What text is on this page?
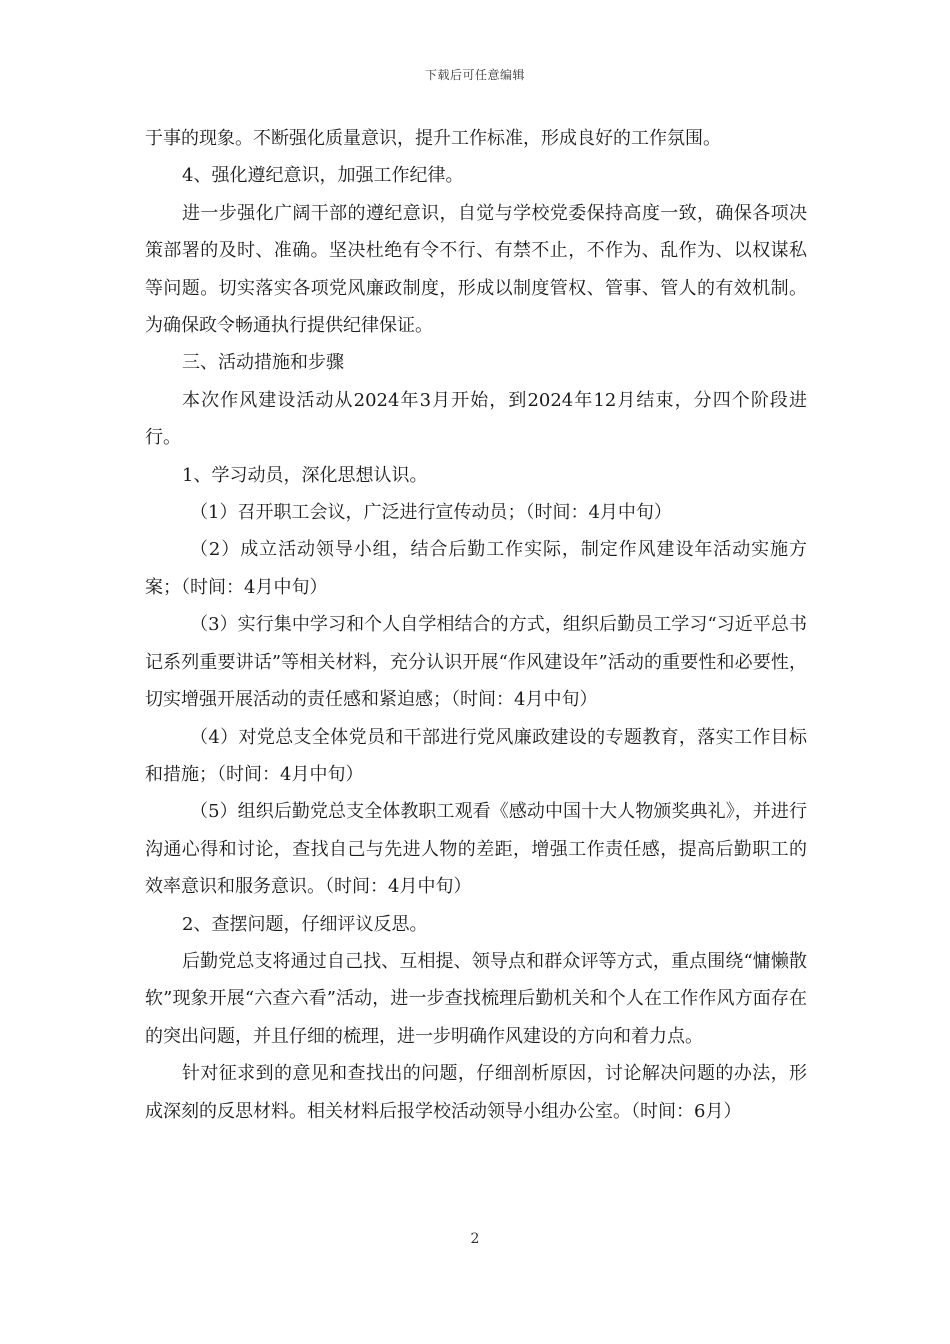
下载后可任意编辑

于事的现象。不断强化质量意识，提升工作标准，形成良好的工作氛围。

4、强化遵纪意识，加强工作纪律。

进一步强化广阔干部的遵纪意识，自觉与学校党委保持高度一致，确保各项决策部署的及时、准确。坚决杜绝有令不行、有禁不止，不作为、乱作为、以权谋私等问题。切实落实各项党风廉政制度，形成以制度管权、管事、管人的有效机制。为确保政令畅通执行提供纪律保证。

三、活动措施和步骤

本次作风建设活动从2024年3月开始，到2024年12月结束，分四个阶段进行。

1、学习动员，深化思想认识。

（1）召开职工会议，广泛进行宣传动员；（时间：4月中旬）

（2）成立活动领导小组，结合后勤工作实际，制定作风建设年活动实施方案；（时间：4月中旬）

（3）实行集中学习和个人自学相结合的方式，组织后勤员工学习“习近平总书记系列重要讲话”等相关材料，充分认识开展“作风建设年”活动的重要性和必要性，切实增强开展活动的责任感和紧迫感；（时间：4月中旬）

（4）对党总支全体党员和干部进行党风廉政建设的专题教育，落实工作目标和措施；（时间：4月中旬）

（5）组织后勤党总支全体教职工观看《感动中国十大人物颁奖典礼》，并进行沟通心得和讨论，查找自己与先进人物的差距，增强工作责任感，提高后勤职工的效率意识和服务意识。（时间：4月中旬）

2、查摆问题，仔细评议反思。

后勤党总支将通过自己找、互相提、领导点和群众评等方式，重点围绕“慵懒散软”现象开展“六查六看”活动，进一步查找梳理后勤机关和个人在工作作风方面存在的突出问题，并且仔细的梳理，进一步明确作风建设的方向和着力点。

针对征求到的意见和查找出的问题，仔细剖析原因，讨论解决问题的办法，形成深刻的反思材料。相关材料后报学校活动领导小组办公室。（时间：6月）

2
